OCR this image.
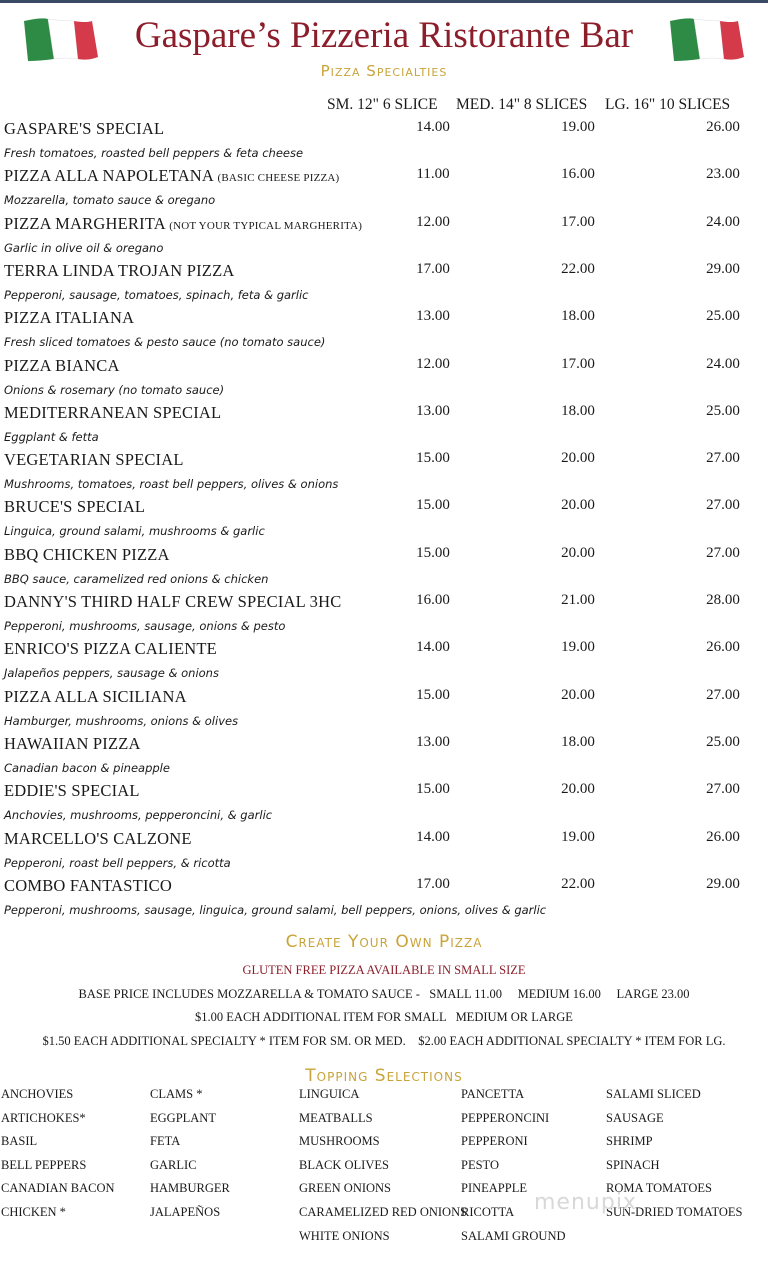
Gaspare’s Pizzeria Ristorante Bar
Pizza Specialties
SM. 12" 6 SLICE MED. 14" 8 SLICES LG. 16" 10 SLICES
GASPARE'S SPECIAL	14.00	19.00	26.00
Fresh tomatoes, roasted bell peppers & feta cheese
PIZZA ALLA NAPOLETANA (BASIC CHEESE PIZZA)	11.00	16.00	23.00
Mozzarella, tomato sauce & oregano
PIZZA MARGHERITA (NOT YOUR TYPICAL MARGHERITA)	12.00	17.00	24.00
Garlic in olive oil & oregano
TERRA LINDA TROJAN PIZZA	17.00	22.00	29.00
Pepperoni, sausage, tomatoes, spinach, feta & garlic
PIZZA ITALIANA	13.00	18.00	25.00
Fresh sliced tomatoes & pesto sauce (no tomato sauce)
PIZZA BIANCA	12.00	17.00	24.00
Onions & rosemary (no tomato sauce)
MEDITERRANEAN SPECIAL	13.00	18.00	25.00
Eggplant & fetta
VEGETARIAN SPECIAL	15.00	20.00	27.00
Mushrooms, tomatoes, roast bell peppers, olives & onions
BRUCE'S SPECIAL	15.00	20.00	27.00
Linguica, ground salami, mushrooms & garlic
BBQ CHICKEN PIZZA	15.00	20.00	27.00
BBQ sauce, caramelized red onions & chicken
DANNY'S THIRD HALF CREW SPECIAL 3HC	16.00	21.00	28.00
Pepperoni, mushrooms, sausage, onions & pesto
ENRICO'S PIZZA CALIENTE	14.00	19.00	26.00
Jalapeños peppers, sausage & onions
PIZZA ALLA SICILIANA	15.00	20.00	27.00
Hamburger, mushrooms, onions & olives
HAWAIIAN PIZZA	13.00	18.00	25.00
Canadian bacon & pineapple
EDDIE'S SPECIAL	15.00	20.00	27.00
Anchovies, mushrooms, pepperoncini, & garlic
MARCELLO'S CALZONE	14.00	19.00	26.00
Pepperoni, roast bell peppers, & ricotta
COMBO FANTASTICO	17.00	22.00	29.00
Pepperoni, mushrooms, sausage, linguica, ground salami, bell peppers, onions, olives & garlic
Create Your Own Pizza
GLUTEN FREE PIZZA AVAILABLE IN SMALL SIZE
BASE PRICE INCLUDES MOZZARELLA & TOMATO SAUCE -   SMALL 11.00     MEDIUM 16.00     LARGE 23.00
$1.00 EACH ADDITIONAL ITEM FOR SMALL   MEDIUM OR LARGE
$1.50 EACH ADDITIONAL SPECIALTY * ITEM FOR SM. OR MED.    $2.00 EACH ADDITIONAL SPECIALTY * ITEM FOR LG.
Topping Selections
ANCHOVIES
ARTICHOKES*
BASIL
BELL PEPPERS
CANADIAN BACON
CHICKEN *
CLAMS *
EGGPLANT
FETA
GARLIC
HAMBURGER
JALAPEÑOS
LINGUICA
MEATBALLS
MUSHROOMS
BLACK OLIVES
GREEN ONIONS
CARAMELIZED RED ONIONS
WHITE ONIONS
PANCETTA
PEPPERONCINI
PEPPERONI
PESTO
PINEAPPLE
RICOTTA
SALAMI GROUND
SALAMI SLICED
SAUSAGE
SHRIMP
SPINACH
ROMA TOMATOES
SUN-DRIED TOMATOES
menupix
